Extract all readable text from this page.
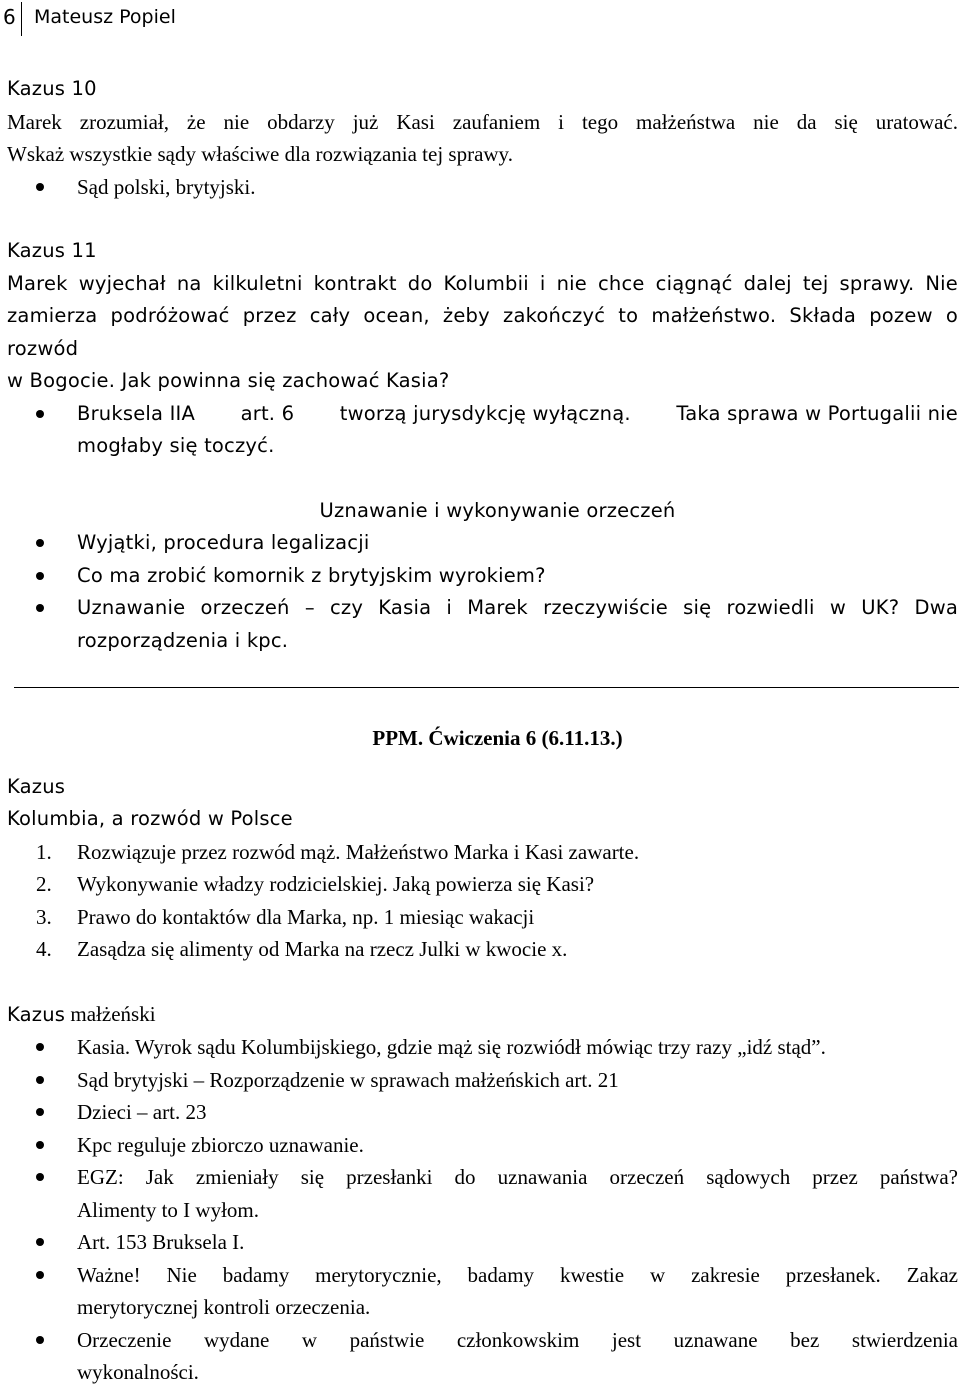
6 Mateusz Popiel
Kazus 10
Marek zrozumiał, że nie obdarzy już Kasi zaufaniem i tego małżeństwa nie da się uratować.
Wskaż wszystkie sądy właściwe dla rozwiązania tej sprawy.
Sąd polski, brytyjski.
Kazus 11
Marek wyjechał na kilkuletni kontrakt do Kolumbii i nie chce ciągnąć dalej tej sprawy. Nie
zamierza podróżować przez cały ocean, żeby zakończyć to małżeństwo. Składa pozew o rozwód
w Bogocie. Jak powinna się zachować Kasia?
Bruksela IIA art. 6 tworzą jurysdykcję wyłączną. Taka sprawa w Portugalii nie
mogłaby się toczyć.
Uznawanie i wykonywanie orzeczeń
Wyjątki, procedura legalizacji
Co ma zrobić komornik z brytyjskim wyrokiem?
Uznawanie orzeczeń – czy Kasia i Marek rzeczywiście się rozwiedli w UK? Dwa
rozporządzenia i kpc.
PPM. Ćwiczenia 6 (6.11.13.)
Kazus
Kolumbia, a rozwód w Polsce
1. Rozwiązuje przez rozwód mąż. Małżeństwo Marka i Kasi zawarte.
2. Wykonywanie władzy rodzicielskiej. Jaką powierza się Kasi?
3. Prawo do kontaktów dla Marka, np. 1 miesiąc wakacji
4. Zasądza się alimenty od Marka na rzecz Julki w kwocie x.
Kazus małżeński
Kasia. Wyrok sądu Kolumbijskiego, gdzie mąż się rozwiódł mówiąc trzy razy „idź stąd”.
Sąd brytyjski – Rozporządzenie w sprawach małżeńskich art. 21
Dzieci – art. 23
Kpc reguluje zbiorczo uznawanie.
EGZ: Jak zmieniały się przesłanki do uznawania orzeczeń sądowych przez państwa?
Alimenty to I wyłom.
Art. 153 Bruksela I.
Ważne! Nie badamy merytorycznie, badamy kwestie w zakresie przesłanek. Zakaz
merytorycznej kontroli orzeczenia.
Orzeczenie wydane w państwie członkowskim jest uznawane bez stwierdzenia
wykonalności.
